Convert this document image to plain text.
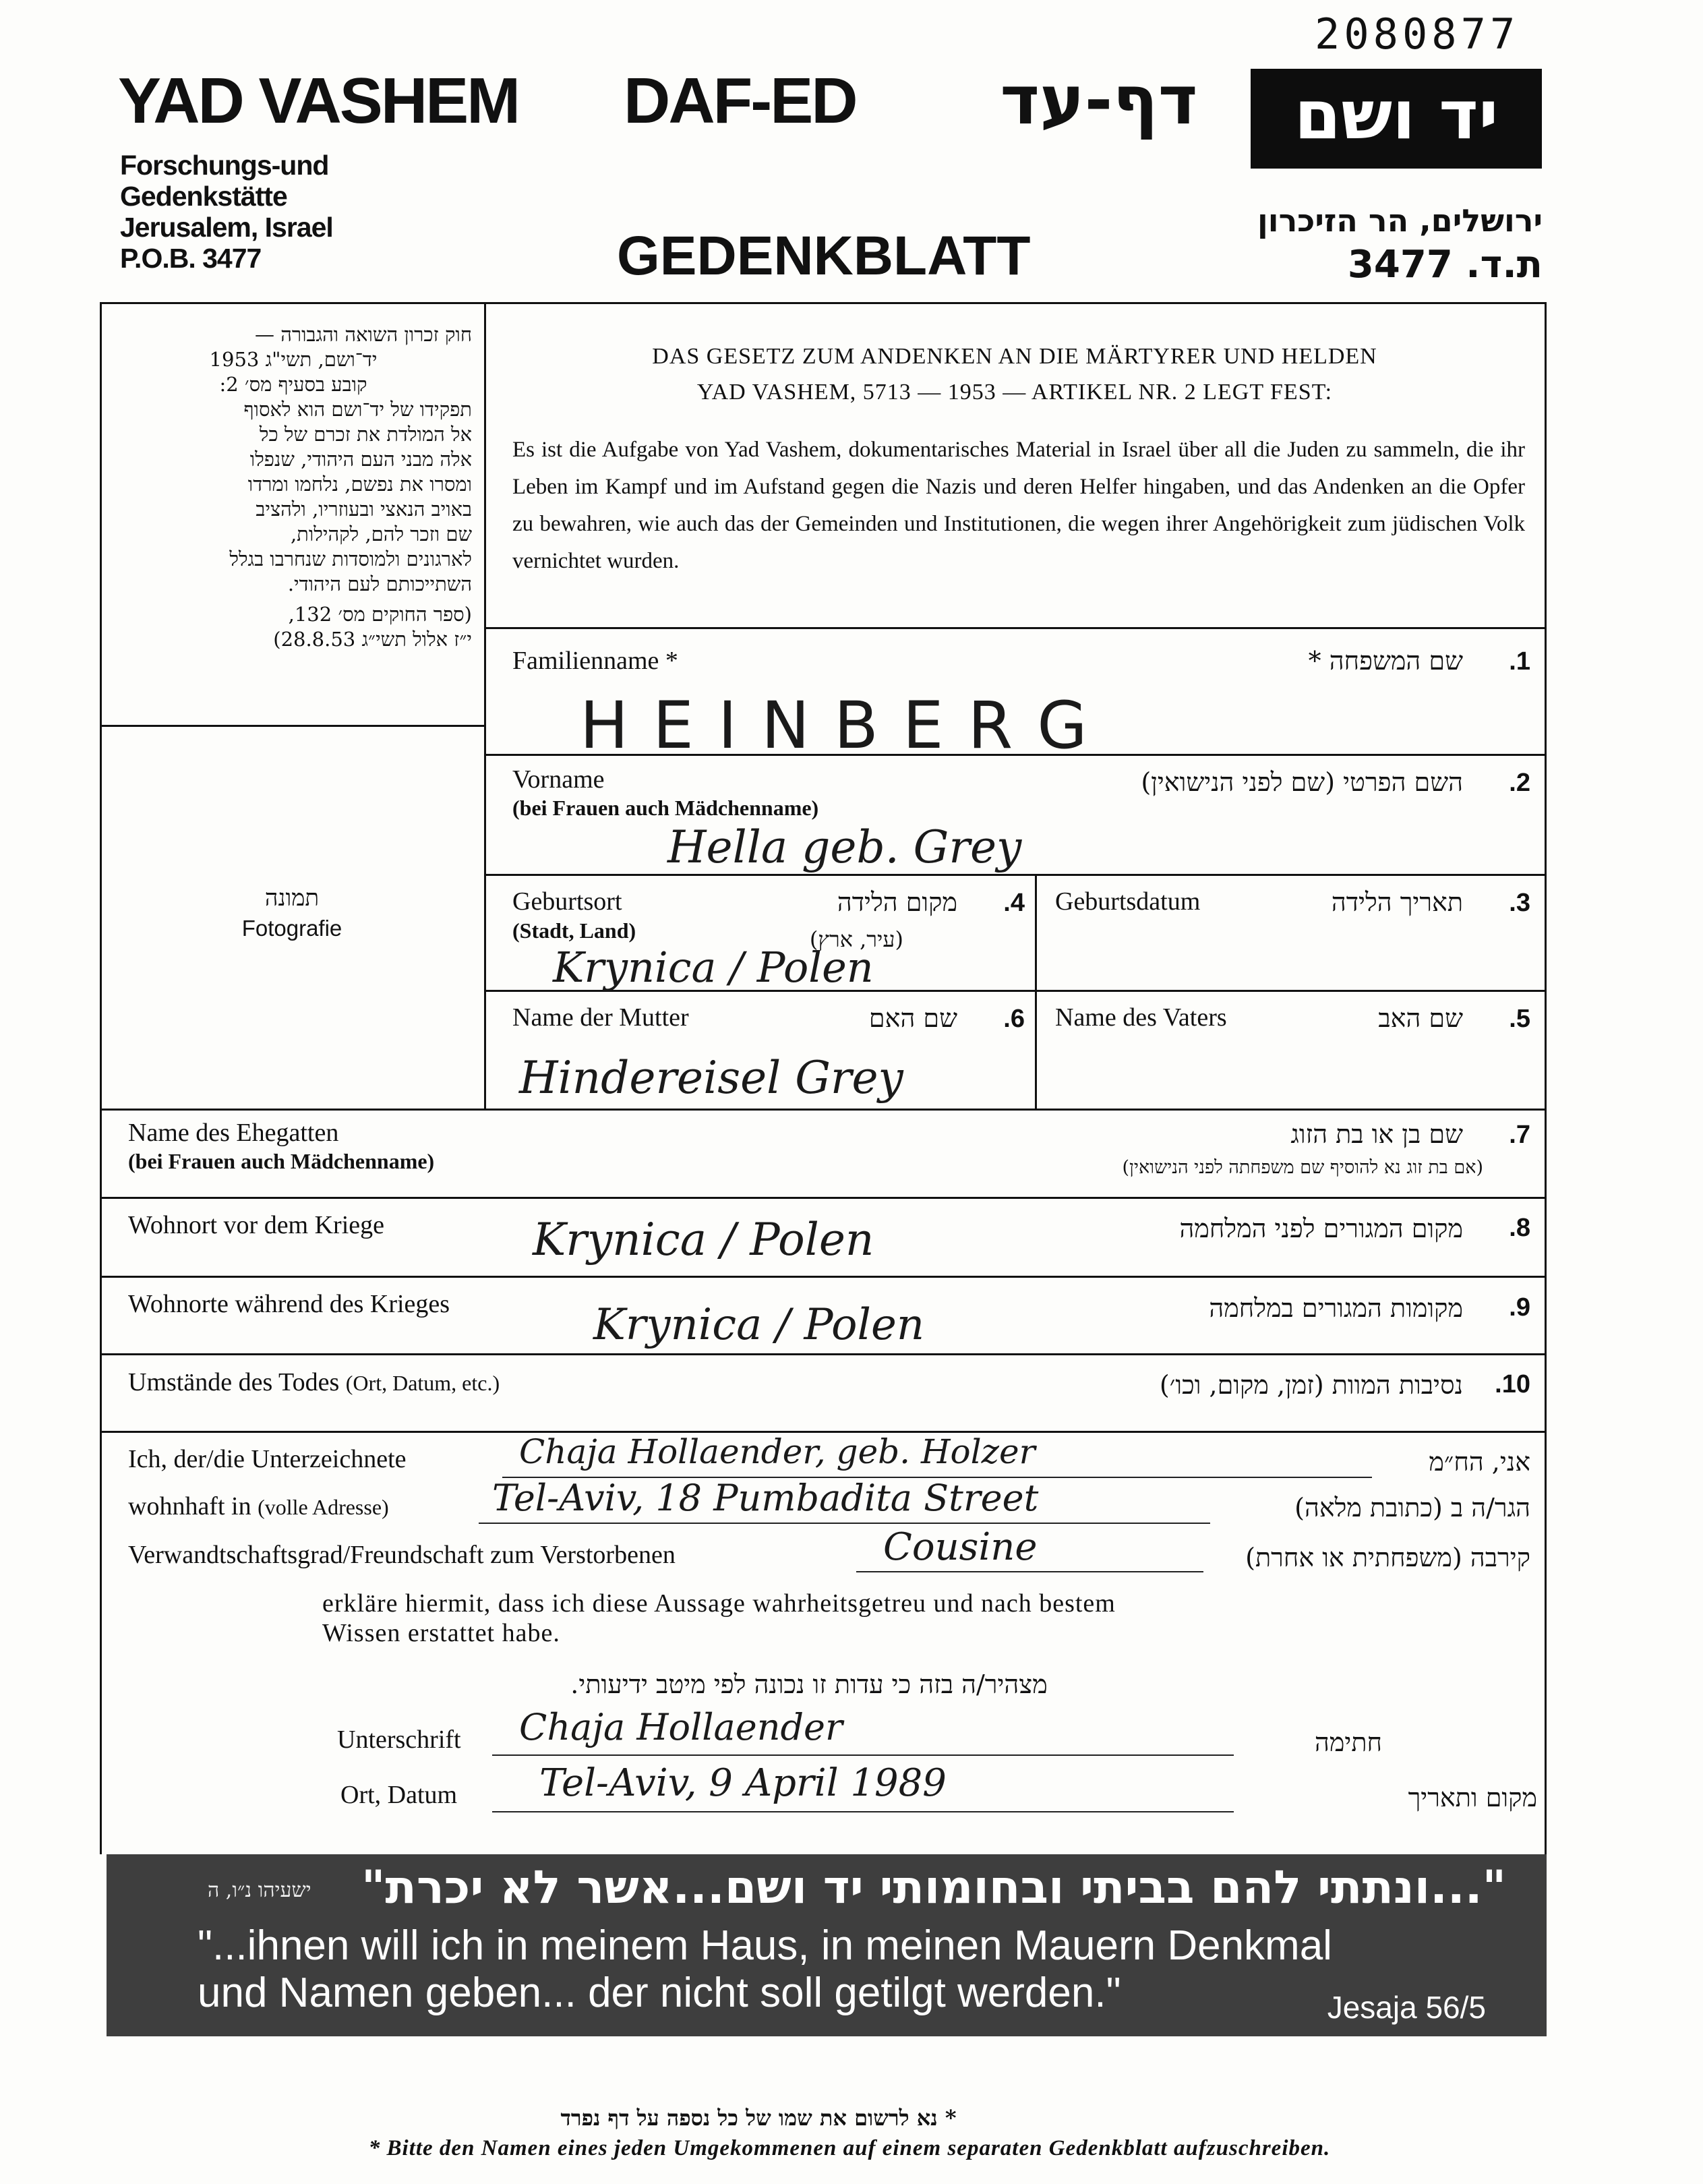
2080877
YAD VASHEM DAF-ED	דף-עד	יד ושם
Forschungs-und
Gedenkstätte
Jerusalem, Israel
P.O.B. 3477
ירושלים, הר הזיכרון
ת.ד. 3477
GEDENKBLATT
חוק זכרון השואה והגבורה —
יד־ושם, תשי"ג 1953
קובע בסעיף מס׳ 2:
תפקידו של יד־ושם הוא לאסוף
אל המולדת את זכרם של כל
אלה מבני העם היהודי, שנפלו
ומסרו את נפשם, נלחמו ומרדו
באויב הנאצי ובעוזריו, ולהציב
שם וזכר להם, לקהילות,
לארגונים ולמוסדות שנחרבו בגלל
השתייכותם לעם היהודי.
(ספר החוקים מס׳ 132,
י״ז אלול תשי״ג 28.8.53)
DAS GESETZ ZUM ANDENKEN AN DIE MÄRTYRER UND HELDEN
YAD VASHEM, 5713 — 1953 — ARTIKEL NR. 2 LEGT FEST:
Es ist die Aufgabe von Yad Vashem, dokumentarisches Material in Israel über all die Juden zu sammeln, die ihr Leben im Kampf und im Aufstand gegen die Nazis und deren Helfer hingaben, und das Andenken an die Opfer zu bewahren, wie auch das der Gemeinden und Institutionen, die wegen ihrer Angehörigkeit zum jüdischen Volk vernichtet wurden.
תמונה
Fotografie
Familienname *	שם המשפחה *	.1
HEINBERG
Vorname
(bei Frauen auch Mädchenname)
השם הפרטי (שם לפני הנישואין)	.2
Hella geb. Grey
Geburtsort
(Stadt, Land)
מקום הלידה
(עיר, ארץ)
.4
Krynica / Polen
Geburtsdatum	תאריך הלידה	.3
Name der Mutter	שם האם	.6
Hindereisel Grey
Name des Vaters	שם האב	.5
Name des Ehegatten
(bei Frauen auch Mädchenname)
שם בן או בת הזוג
(אם בת זוג נא להוסיף שם משפחתה לפני הנישואין)
.7
Wohnort vor dem Kriege	מקום המגורים לפני המלחמה	.8
Krynica / Polen
Wohnorte während des Krieges	מקומות המגורים במלחמה	.9
Krynica / Polen
Umstände des Todes (Ort, Datum, etc.)	נסיבות המוות (זמן, מקום, וכו׳)	.10
Ich, der/die Unterzeichnete	Chaja Hollaender, geb. Holzer	אני, הח״מ
wohnhaft in (volle Adresse)	Tel-Aviv, 18 Pumbadita Street	הגר/ה ב (כתובת מלאה)
Verwandtschaftsgrad/Freundschaft zum Verstorbenen	Cousine	קירבה (משפחתית או אחרת)
erkläre hiermit, dass ich diese Aussage wahrheitsgetreu und nach bestem
Wissen erstattet habe.
מצהיר/ה בזה כי עדות זו נכונה לפי מיטב ידיעותי.
Unterschrift Chaja Hollaender	חתימה
Ort, Datum Tel-Aviv, 9 April 1989	מקום ותאריך
"...ונתתי להם בביתי ובחומותי יד ושם...אשר לא יכרת"
ישעיהו נ״ו, ה
"...ihnen will ich in meinem Haus, in meinen Mauern Denkmal
und Namen geben... der nicht soll getilgt werden."	Jesaja 56/5
* נא לרשום את שמו של כל נספה על דף נפרד
* Bitte den Namen eines jeden Umgekommenen auf einem separaten Gedenkblatt aufzuschreiben.
